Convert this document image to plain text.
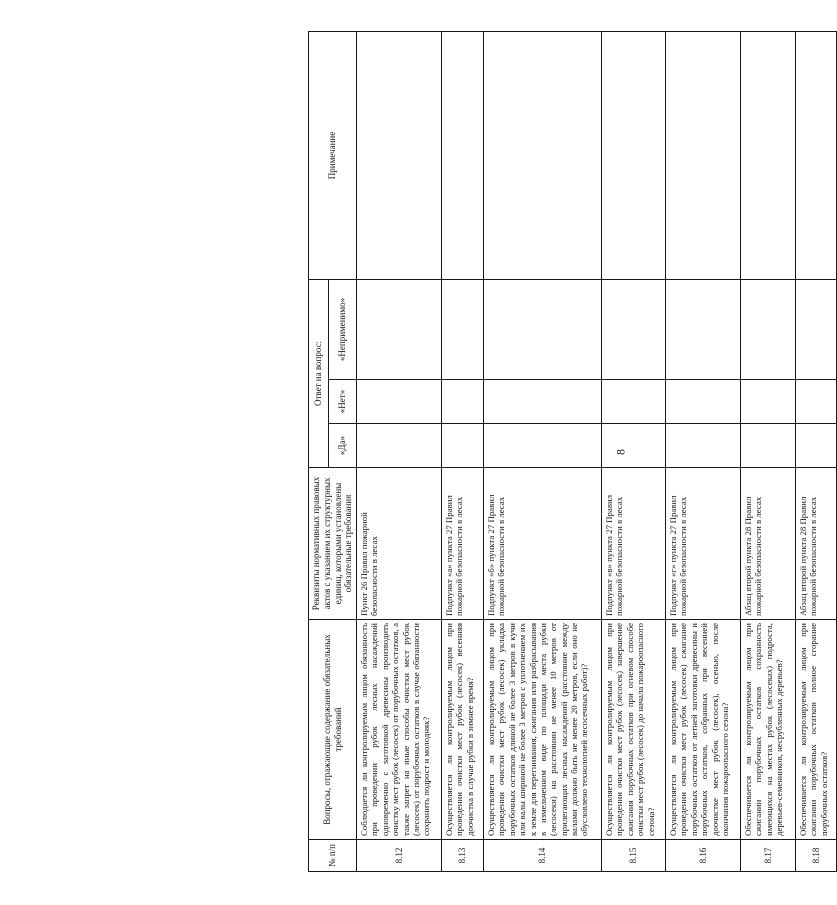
8
№ п/п	Вопросы, отражающие содержание обязательных требований	Реквизиты нормативных правовых актов с указанием их структурных единиц, которыми установлены обязательные требования	Ответ на вопрос:			Примечание
			«Да»	«Нет»	«Неприменимо»	
8.12	Соблюдается ли контролируемым лицом обязанность при проведении рубок лесных насаждений одновременно с заготовкой древесины производить очистку мест рубок (лесосек) от порубочных остатков, а также запрет на иные способы очистки мест рубок (лесосек) от порубочных остатков в случае обязанности сохранить подрост и молодняк?	Пункт 26 Правил пожарной безопасности в лесах				
8.13	Осуществляется ли контролируемым лицом при проведении очистки мест рубок (лесосек) весенняя доочистка в случае рубки в зимнее время?	Подпункт «а» пункта 27 Правил пожарной безопасности в лесах				
8.14	Осуществляется ли контролируемым лицом при проведении очистки мест рубок (лесосек) укладка порубочных остатков длиной не более 3 метров в кучи или валы шириной не более 3 метров с уплотнением их к земле для перегнивания, сжигания или разбрасывания в измельченном виде по площади места рубки (лесосеки) на расстоянии не менее 10 метров от прилегающих лесных насаждений (расстояние между валами должно быть не менее 20 метров, если оно не обусловлено технологией лесосечных работ)?	Подпункт «б» пункта 27 Правил пожарной безопасности в лесах				
8.15	Осуществляется ли контролируемым лицом при проведении очистки мест рубок (лесосек) завершение сжигания порубочных остатков при огневом способе очистки мест рубок (лесосек) до начала пожароопасного сезона?	Подпункт «в» пункта 27 Правил пожарной безопасности в лесах				
8.16	Осуществляется ли контролируемым лицом при проведении очистки мест рубок (лесосек) сжигание порубочных остатков от летней заготовки древесины и порубочных остатков, собранных при весенней доочистке мест рубок (лесосек), осенью, после окончания пожароопасного сезона?	Подпункт «г» пункта 27 Правил пожарной безопасности в лесах				
8.17	Обеспечивается ли контролируемым лицом при сжигании порубочных остатков сохранность имеющихся на местах рубок (лесосеках) подроста, деревьев-семенников, несрубленных деревьев?	Абзац второй пункта 28 Правил пожарной безопасности в лесах				
8.18	Обеспечивается ли контролируемым лицом при сжигании порубочных остатков полное сгорание порубочных остатков?	Абзац второй пункта 28 Правил пожарной безопасности в лесах				
